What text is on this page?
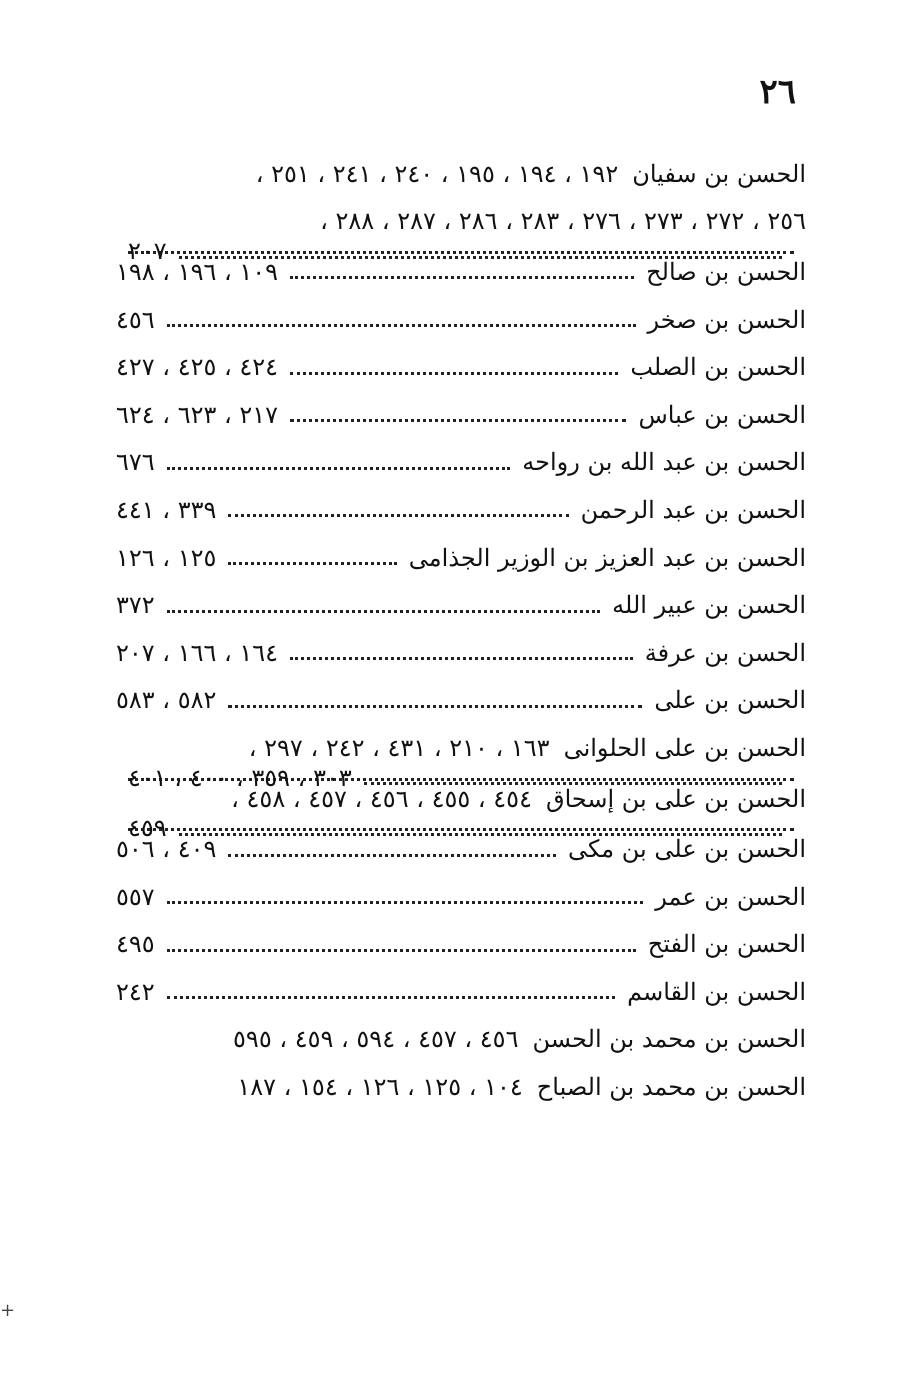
٢٦
الحسن بن سفيان
١٩٢ ، ١٩٤ ، ١٩٥ ، ٢٤٠ ، ٢٤١ ، ٢٥١ ،
٢٥٦ ، ٢٧٢ ، ٢٧٣ ، ٢٧٦ ، ٢٨٣ ، ٢٨٦ ، ٢٨٧ ، ٢٨٨ ،
٢٠٧
الحسن بن صالح
١٠٩ ، ١٩٦ ، ١٩٨
الحسن بن صخر
٤٥٦
الحسن بن الصلب
٤٢٤ ، ٤٢٥ ، ٤٢٧
الحسن بن عباس
٢١٧ ، ٦٢٣ ، ٦٢٤
الحسن بن عبد الله بن رواحه
٦٧٦
الحسن بن عبد الرحمن
٣٣٩ ، ٤٤١
الحسن بن عبد العزيز بن الوزير الجذامى
١٢٥ ، ١٢٦
الحسن بن عبير الله
٣٧٢
الحسن بن عرفة
١٦٤ ، ١٦٦ ، ٢٠٧
الحسن بن على
٥٨٢ ، ٥٨٣
الحسن بن على الحلوانى
١٦٣ ، ٢١٠ ، ٤٣١ ، ٢٤٢ ، ٢٩٧ ،
٣٠٣ ، ٣٥٩ ، ٤٠٠ ، ٤٠١
الحسن بن على بن إسحاق
٤٥٤ ، ٤٥٥ ، ٤٥٦ ، ٤٥٧ ، ٤٥٨ ،
٤٥٩
الحسن بن على بن مكى
٤٠٩ ، ٥٠٦
الحسن بن عمر
٥٥٧
الحسن بن الفتح
٤٩٥
الحسن بن القاسم
٢٤٢
الحسن بن محمد بن الحسن
٤٥٦ ، ٤٥٧ ، ٥٩٤ ، ٤٥٩ ، ٥٩٥
الحسن بن محمد بن الصباح
١٠٤ ، ١٢٥ ، ١٢٦ ، ١٥٤ ، ١٨٧
+
